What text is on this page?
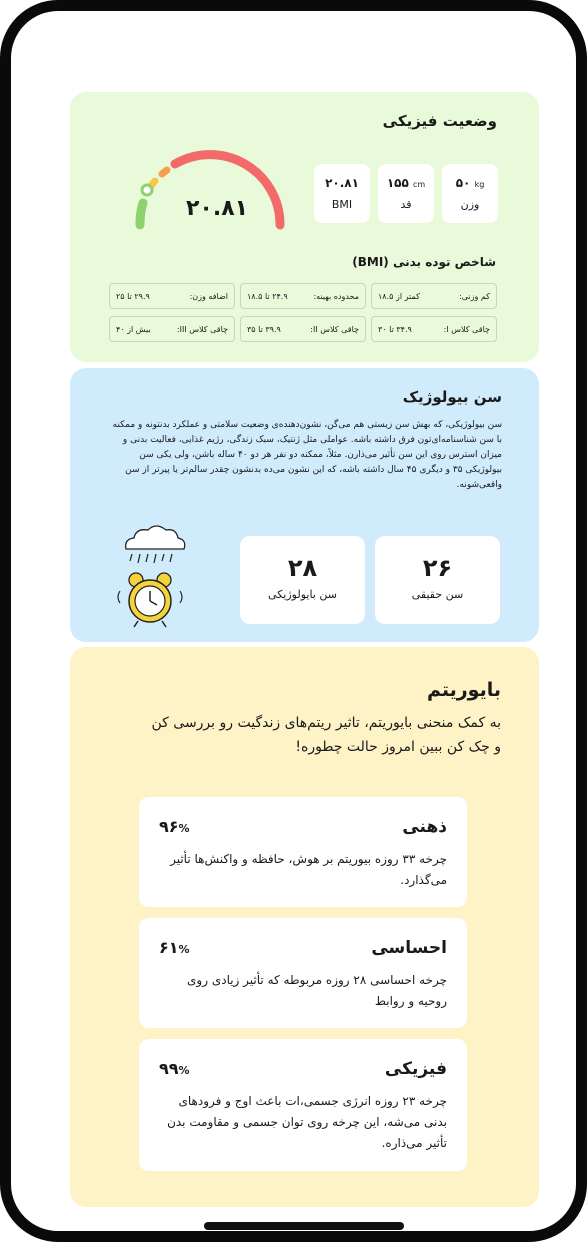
وضعیت فیزیکی
۲۰.۸۱
۵۰ kg
وزن
۱۵۵ cm
قد
۲۰.۸۱
BMI
شاخص توده بدنی (BMI)
کم وزنی:
کمتر از ۱۸.۵
محدوده بهینه:
۲۴.۹ تا ۱۸.۵
اضافه وزن:
۲۹.۹ تا ۲۵
چاقی کلاس I:
۳۴.۹ تا ۳۰
چاقی کلاس II:
۳۹.۹ تا ۳۵
چاقی کلاس III:
بیش از ۴۰
سن بیولوژیک
سن بیولوژیکی، که بهش سن زیستی هم می‌گن، نشون‌دهنده‌ی وضعیت سلامتی و عملکرد بدنتونه و ممکنه با سن شناسنامه‌ای‌تون فرق داشته باشه. عواملی مثل ژنتیک، سبک زندگی، رژیم غذایی، فعالیت بدنی و میزان استرس روی این سن تأثیر می‌ذارن. مثلاً، ممکنه دو نفر هر دو ۴۰ ساله باشن، ولی یکی سن بیولوژیکی ۳۵ و دیگری ۴۵ سال داشته باشه، که این نشون می‌ده بدنشون چقدر سالم‌تر یا پیرتر از سن واقعی‌شونه.
۲۸
سن بایولوژیکی
۲۶
سن حقیقی
بایوریتم
به کمک منحنی بایوریتم، تاثیر ریتم‌های زندگیت رو بررسی کن و چک کن ببین امروز حالت چطوره!
ذهنی
۹۶%
چرخه ۳۳ روزه بیوریتم بر هوش، حافظه و واکنش‌ها تأثیر می‌گذارد.
احساسی
۶۱%
چرخه احساسی ۲۸ روزه مربوطه که تأثیر زیادی روی روحیه و روابط
فیزیکی
۹۹%
چرخه ۲۳ روزه انرژی جسمی،ات باعث اوج و فرودهای بدنی می‌شه، این چرخه روی توان جسمی و مقاومت بدن تأثیر می‌ذاره.
